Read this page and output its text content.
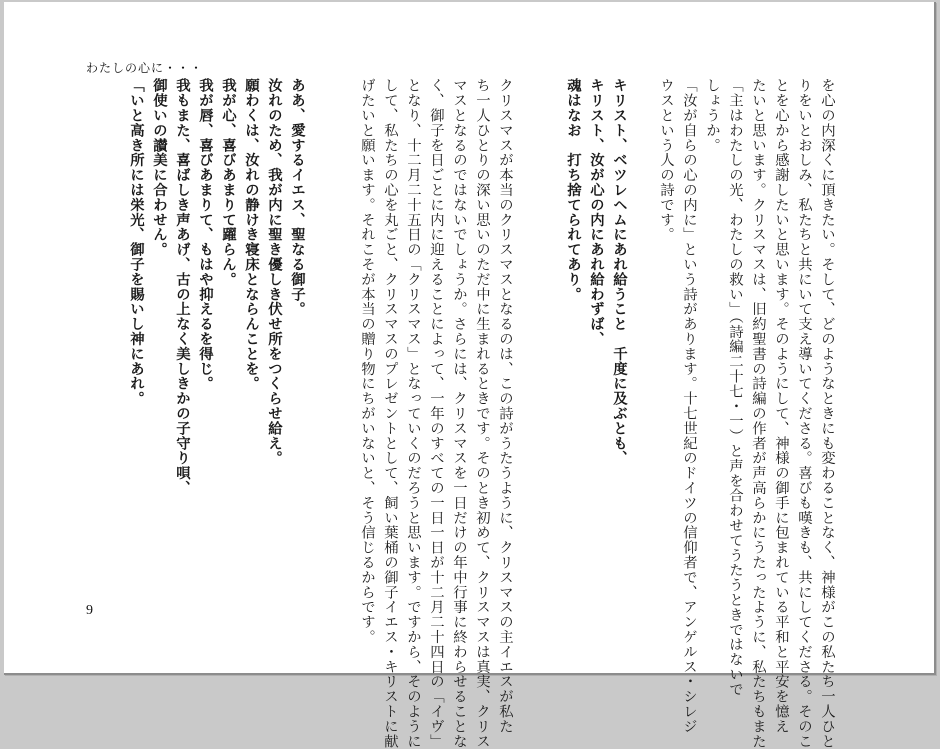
わたしの心に・・・
を心の内深くに頂きたい。そして、どのようなときにも変わることなく、神様がこの私たち一人ひと
りをいとおしみ、私たちと共にいて支え導いてくださる。喜びも嘆きも、共にしてくださる。そのこ
とを心から感謝したいと思います。そのようにして、神様の御手に包まれている平和と平安を憶え
たいと思います。クリスマスは、旧約聖書の詩編の作者が声高らかにうたったように、私たちもまた
「主はわたしの光、わたしの救い」（詩編二十七・一）と声を合わせてうたうときではないで
しょうか。
「汝が自らの心の内に」という詩があります。十七世紀のドイツの信仰者で、アンゲルス・シレジ
ウスという人の詩です。
キリスト、ベツレヘムにあれ給うこと　千度に及ぶとも、
キリスト、汝が心の内にあれ給わずば、
魂はなお　打ち捨てられてあり。
クリスマスが本当のクリスマスとなるのは、この詩がうたうように、クリスマスの主イエスが私た
ち一人ひとりの深い思いのただ中に生まれるときです。そのとき初めて、クリスマスは真実、クリス
マスとなるのではないでしょうか。さらには、クリスマスを一日だけの年中行事に終わらせることな
く、御子を日ごとに内に迎えることによって、一年のすべての一日一日が十二月二十四日の「イヴ」
となり、十二月二十五日の「クリスマス」となっていくのだろうと思います。ですから、そのように
して、私たちの心を丸ごと、クリスマスのプレゼントとして、飼い葉桶の御子イエス・キリストに献
げたいと願います。それこそが本当の贈り物にちがいないと、そう信じるからです。
ああ、愛するイエス、聖なる御子。
汝れのため、我が内に聖き優しき伏せ所をつくらせ給え。
願わくは、汝れの静けき寝床とならんことを。
我が心、喜びあまりて躍らん。
我が唇、喜びあまりて、もはや抑えるを得じ。
我もまた、喜ばしき声あげ、古の上なく美しきかの子守り唄、
御使いの讃美に合わせん。
「いと高き所には栄光、御子を賜いし神にあれ。
9
